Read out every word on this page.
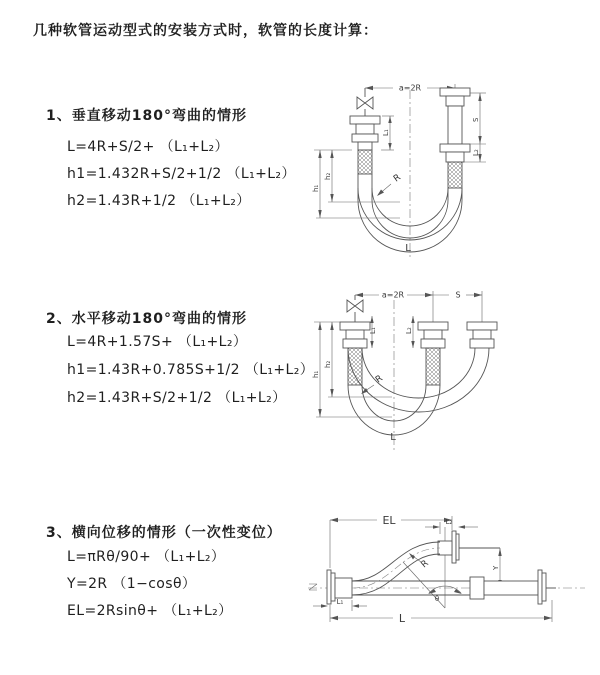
几种软管运动型式的安装方式时，软管的长度计算：
1、垂直移动180°弯曲的情形
L=4R+S/2+ （L₁+L₂）
h1=1.432R+S/2+1/2 （L₁+L₂）
h2=1.43R+1/2 （L₁+L₂）
2、水平移动180°弯曲的情形
L=4R+1.57S+ （L₁+L₂）
h1=1.43R+0.785S+1/2 （L₁+L₂）
h2=1.43R+S/2+1/2 （L₁+L₂）
3、横向位移的情形（一次性变位）
L=πRθ/90+ （L₁+L₂）
Y=2R （1−cosθ）
EL=2Rsinθ+ （L₁+L₂）
a=2R
R
L
h₁
h₂
S
L₂
L₁
a=2R	S
R
L
h₁
h₂
L₁	L₂
EL	L₂
θ
Y
R
L
L₁
